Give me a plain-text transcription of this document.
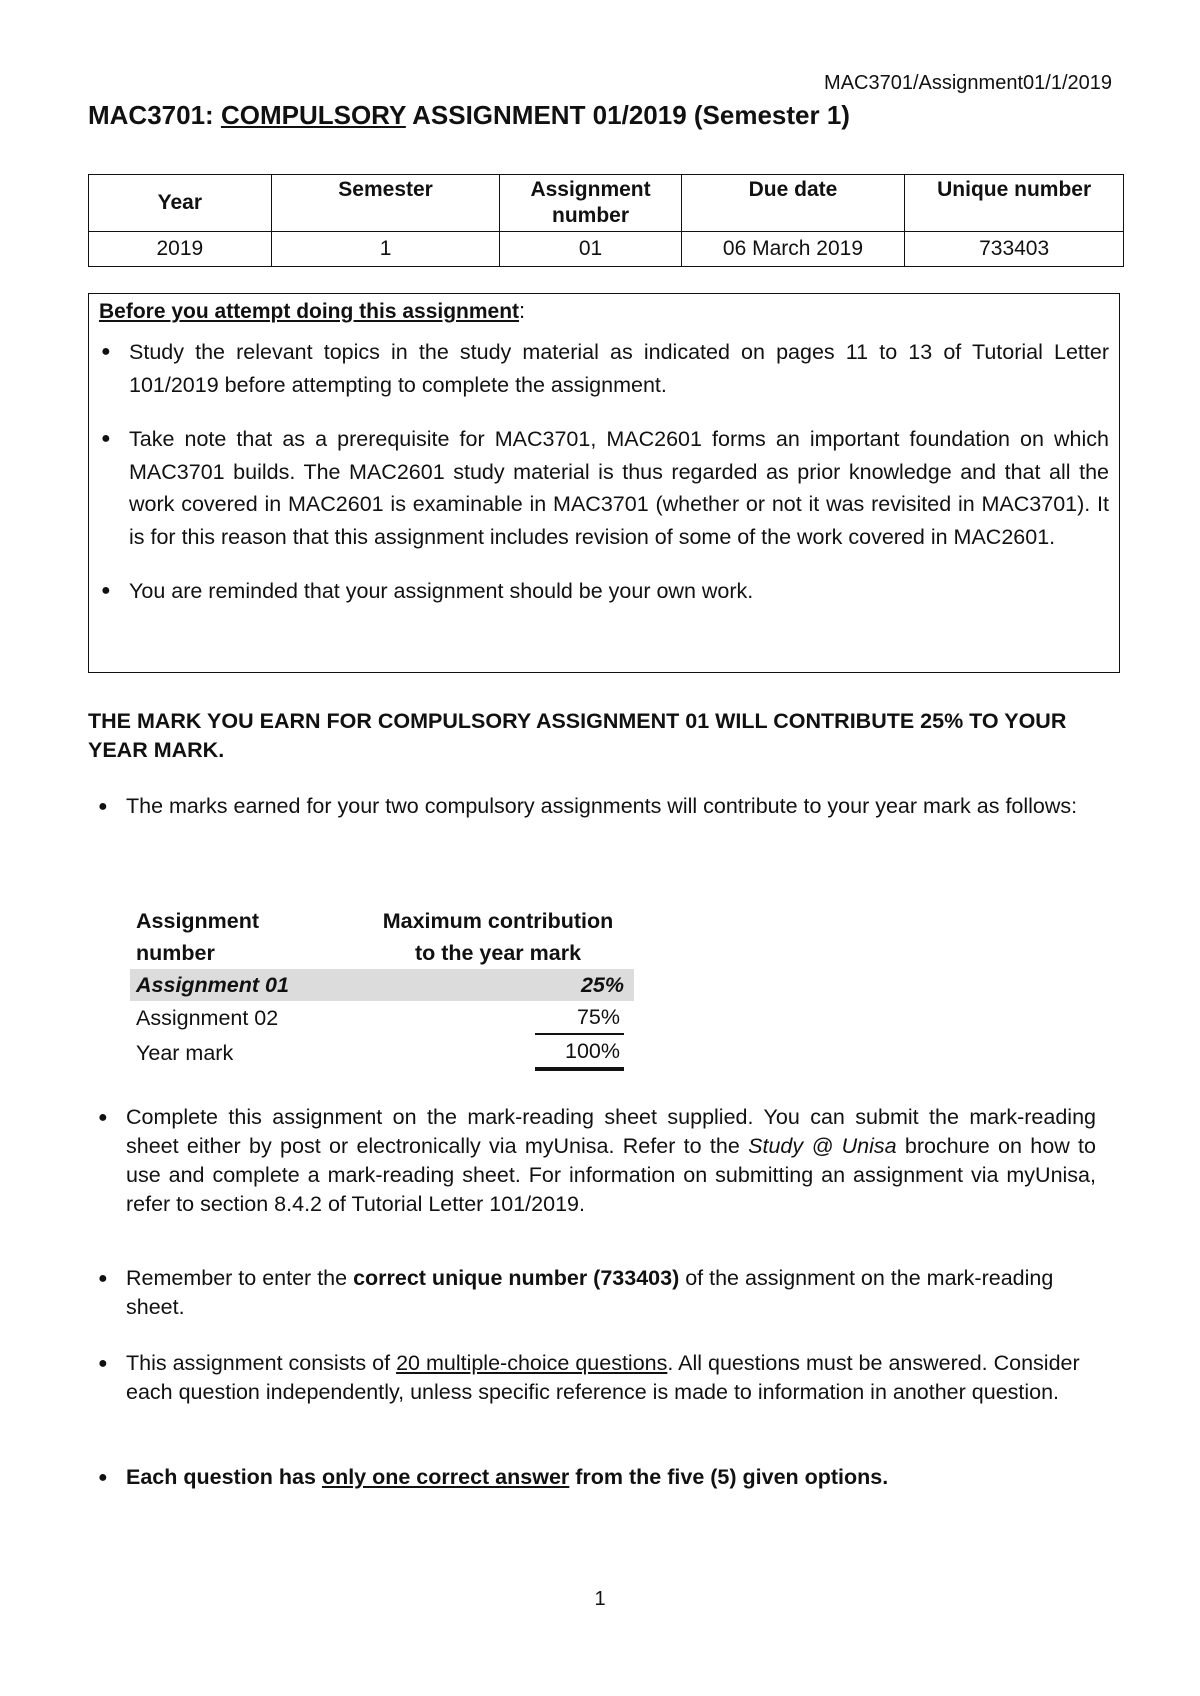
MAC3701/Assignment01/1/2019
MAC3701: COMPULSORY ASSIGNMENT 01/2019 (Semester 1)
Year	Semester	Assignment number	Due date	Unique number
2019	1	01	06 March 2019	733403
Before you attempt doing this assignment:
● Study the relevant topics in the study material as indicated on pages 11 to 13 of Tutorial Letter 101/2019 before attempting to complete the assignment.
● Take note that as a prerequisite for MAC3701, MAC2601 forms an important foundation on which MAC3701 builds. The MAC2601 study material is thus regarded as prior knowledge and that all the work covered in MAC2601 is examinable in MAC3701 (whether or not it was revisited in MAC3701). It is for this reason that this assignment includes revision of some of the work covered in MAC2601.
● You are reminded that your assignment should be your own work.
THE MARK YOU EARN FOR COMPULSORY ASSIGNMENT 01 WILL CONTRIBUTE 25% TO YOUR YEAR MARK.
● The marks earned for your two compulsory assignments will contribute to your year mark as follows:
Assignment	Maximum contribution
number	to the year mark
Assignment 01	25%
Assignment 02	75%
Year mark	100%
● Complete this assignment on the mark-reading sheet supplied. You can submit the mark-reading sheet either by post or electronically via myUnisa. Refer to the Study @ Unisa brochure on how to use and complete a mark-reading sheet. For information on submitting an assignment via myUnisa, refer to section 8.4.2 of Tutorial Letter 101/2019.
● Remember to enter the correct unique number (733403) of the assignment on the mark-reading sheet.
● This assignment consists of 20 multiple-choice questions. All questions must be answered. Consider each question independently, unless specific reference is made to information in another question.
● Each question has only one correct answer from the five (5) given options.
1
